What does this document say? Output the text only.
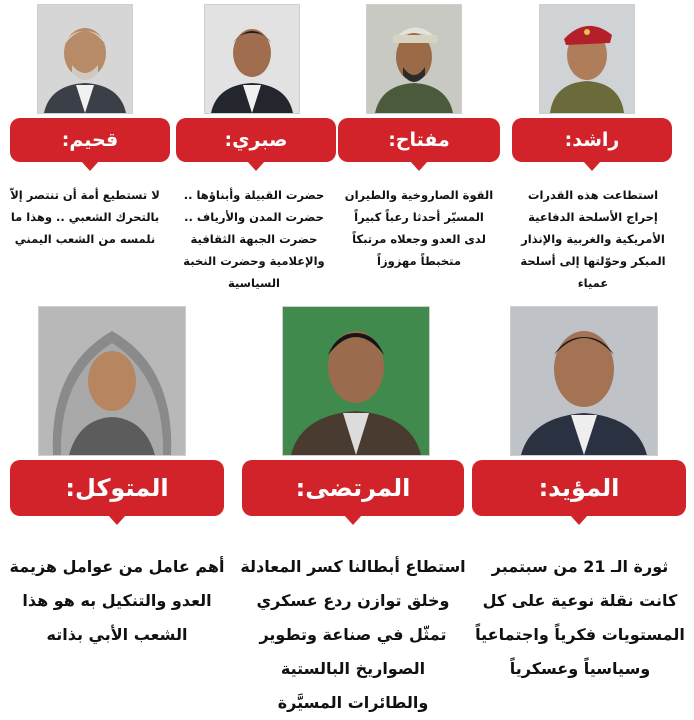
راشد:
استطاعت هذه القدرات إحراج الأسلحة الدفاعية الأمريكية والغربية والإنذار المبكر وحوّلتها إلى أسلحة عمياء
مفتاح:
القوة الصاروخية والطيران المسيّر أحدثا رعباً كبيراً لدى العدو وجعلاه مرتبكاً متخبطاً مهزوزاً
صبري:
حضرت القبيلة وأبناؤها .. حضرت المدن والأرياف .. حضرت الجبهة الثقافية والإعلامية وحضرت النخبة السياسية
قحيم:
لا تستطيع أمة أن تنتصر إلاّ بالتحرك الشعبي .. وهذا ما نلمسه من الشعب اليمني
المؤيد:
ثورة الـ 21 من سبتمبر كانت نقلة نوعية على كل المستويات فكرياً واجتماعياً وسياسياً وعسكرياً
المرتضى:
استطاع أبطالنا كسر المعادلة وخلق توازن ردع عسكري تمثّل في صناعة وتطوير الصواريخ البالستية والطائرات المسيَّرة
المتوكل:
أهم عامل من عوامل هزيمة العدو والتنكيل به هو هذا الشعب الأبي بذاته
